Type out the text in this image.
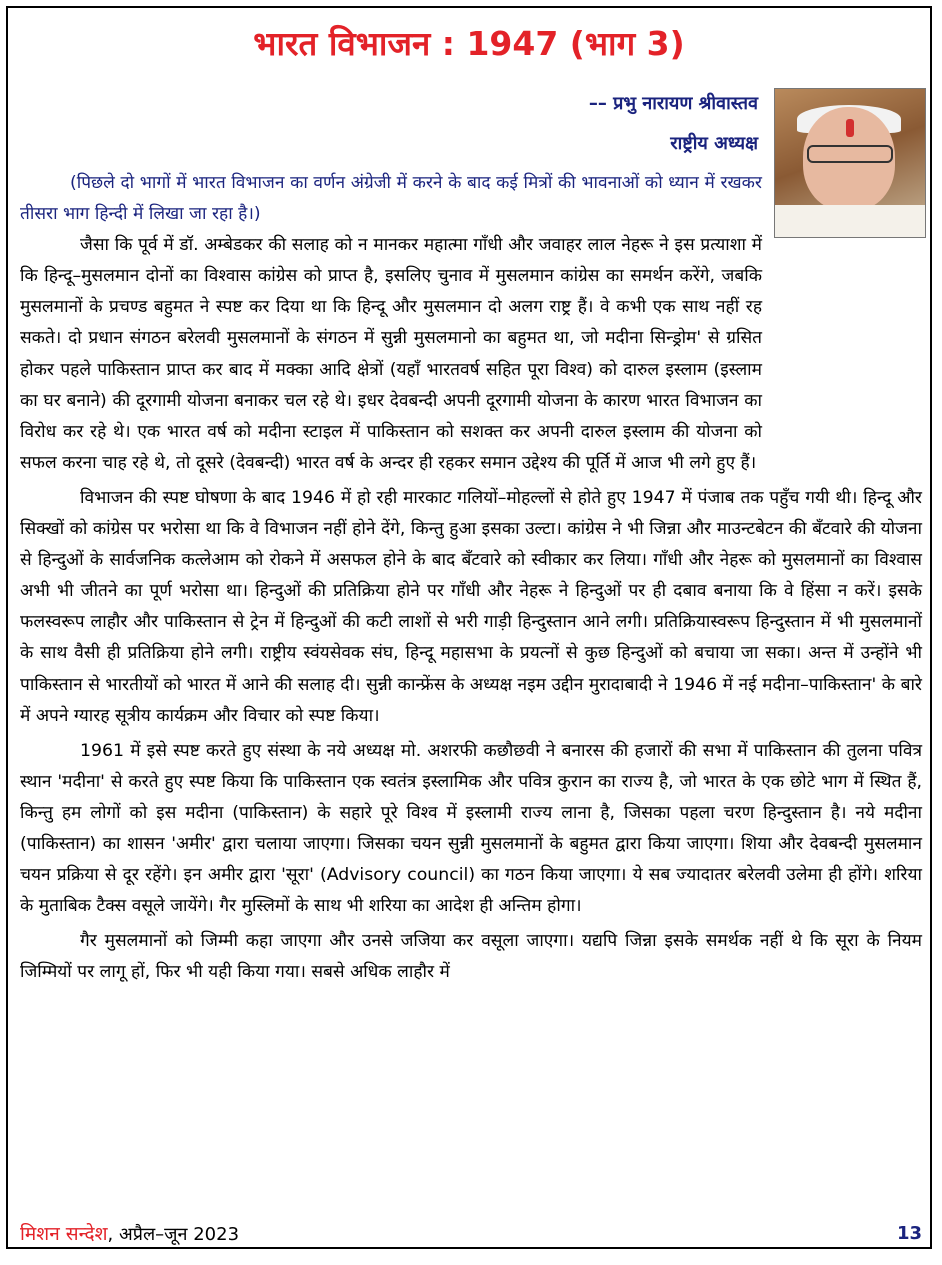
भारत विभाजन : 1947 (भाग 3)
–– प्रभु नारायण श्रीवास्तव
राष्ट्रीय अध्यक्ष

(पिछले दो भागों में भारत विभाजन का वर्णन अंग्रेजी में करने के बाद कई मित्रों की भावनाओं को ध्यान में रखकर तीसरा भाग हिन्दी में लिखा जा रहा है।)

जैसा कि पूर्व में डॉ. अम्बेडकर की सलाह को न मानकर महात्मा गाँधी और जवाहर लाल नेहरू ने इस प्रत्याशा में कि हिन्दू–मुसलमान दोनों का विश्वास कांग्रेस को प्राप्त है, इसलिए चुनाव में मुसलमान कांग्रेस का समर्थन करेंगे, जबकि मुसलमानों के प्रचण्ड बहुमत ने स्पष्ट कर दिया था कि हिन्दू और मुसलमान दो अलग राष्ट्र हैं। वे कभी एक साथ नहीं रह सकते। दो प्रधान संगठन बरेलवी मुसलमानों के संगठन में सुन्नी मुसलमानो का बहुमत था, जो मदीना सिन्ड्रोम' से ग्रसित होकर पहले पाकिस्तान प्राप्त कर बाद में मक्का आदि क्षेत्रों (यहाँ भारतवर्ष सहित पूरा विश्व) को दारुल इस्लाम (इस्लाम का घर बनाने) की दूरगामी योजना बनाकर चल रहे थे। इधर देवबन्दी अपनी दूरगामी योजना के कारण भारत विभाजन का विरोध कर रहे थे। एक भारत वर्ष को मदीना स्टाइल में पाकिस्तान को सशक्त कर अपनी दारुल इस्लाम की योजना को सफल करना चाह रहे थे, तो दूसरे (देवबन्दी) भारत वर्ष के अन्दर ही रहकर समान उद्देश्य की पूर्ति में आज भी लगे हुए हैं।

विभाजन की स्पष्ट घोषणा के बाद 1946 में हो रही मारकाट गलियों–मोहल्लों से होते हुए 1947 में पंजाब तक पहुँच गयी थी। हिन्दू और सिक्खों को कांग्रेस पर भरोसा था कि वे विभाजन नहीं होने देंगे, किन्तु हुआ इसका उल्टा। कांग्रेस ने भी जिन्ना और माउन्टबेटन की बँटवारे की योजना से हिन्दुओं के सार्वजनिक कत्लेआम को रोकने में असफल होने के बाद बँटवारे को स्वीकार कर लिया। गाँधी और नेहरू को मुसलमानों का विश्वास अभी भी जीतने का पूर्ण भरोसा था। हिन्दुओं की प्रतिक्रिया होने पर गाँधी और नेहरू ने हिन्दुओं पर ही दबाव बनाया कि वे हिंसा न करें। इसके फलस्वरूप लाहौर और पाकिस्तान से ट्रेन में हिन्दुओं की कटी लाशों से भरी गाड़ी हिन्दुस्तान आने लगी। प्रतिक्रियास्वरूप हिन्दुस्तान में भी मुसलमानों के साथ वैसी ही प्रतिक्रिया होने लगी। राष्ट्रीय स्वंयसेवक संघ, हिन्दू महासभा के प्रयत्नों से कुछ हिन्दुओं को बचाया जा सका। अन्त में उन्होंने भी पाकिस्तान से भारतीयों को भारत में आने की सलाह दी। सुन्नी कान्फ्रेंस के अध्यक्ष नइम उद्दीन मुरादाबादी ने 1946 में नई मदीना–पाकिस्तान' के बारे में अपने ग्यारह सूत्रीय कार्यक्रम और विचार को स्पष्ट किया।

1961 में इसे स्पष्ट करते हुए संस्था के नये अध्यक्ष मो. अशरफी कछौछवी ने बनारस की हजारों की सभा में पाकिस्तान की तुलना पवित्र स्थान 'मदीना' से करते हुए स्पष्ट किया कि पाकिस्तान एक स्वतंत्र इस्लामिक और पवित्र कुरान का राज्य है, जो भारत के एक छोटे भाग में स्थित हैं, किन्तु हम लोगों को इस मदीना (पाकिस्तान) के सहारे पूरे विश्व में इस्लामी राज्य लाना है, जिसका पहला चरण हिन्दुस्तान है। नये मदीना (पाकिस्तान) का शासन 'अमीर' द्वारा चलाया जाएगा। जिसका चयन सुन्नी मुसलमानों के बहुमत द्वारा किया जाएगा। शिया और देवबन्दी मुसलमान चयन प्रक्रिया से दूर रहेंगे। इन अमीर द्वारा 'सूरा' (Advisory council) का गठन किया जाएगा। ये सब ज्यादातर बरेलवी उलेमा ही होंगे। शरिया के मुताबिक टैक्स वसूले जायेंगे। गैर मुस्लिमों के साथ भी शरिया का आदेश ही अन्तिम होगा।

गैर मुसलमानों को जिम्मी कहा जाएगा और उनसे जजिया कर वसूला जाएगा। यद्यपि जिन्ना इसके समर्थक नहीं थे कि सूरा के नियम जिम्मियों पर लागू हों, फिर भी यही किया गया। सबसे अधिक लाहौर में

मिशन सन्देश, अप्रैल–जून 2023	13
